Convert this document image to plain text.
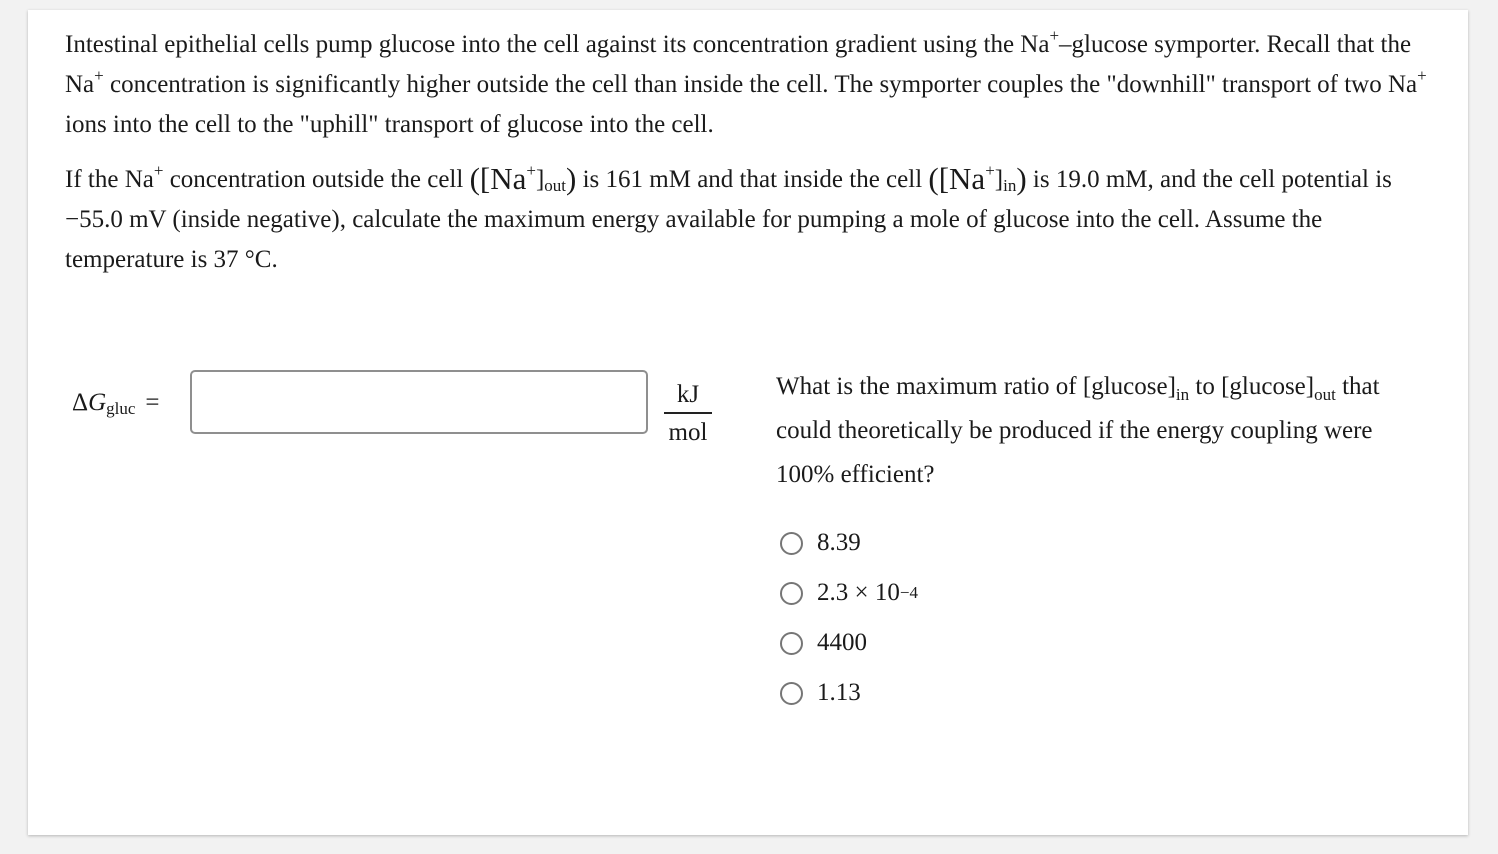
Intestinal epithelial cells pump glucose into the cell against its concentration gradient using the Na+–glucose symporter. Recall that the Na+ concentration is significantly higher outside the cell than inside the cell. The symporter couples the "downhill" transport of two Na+ ions into the cell to the "uphill" transport of glucose into the cell.

If the Na+ concentration outside the cell $([Na^+]_{out})$ is 161 mM and that inside the cell $([Na^+]_{in})$ is 19.0 mM, and the cell potential is −55.0 mV (inside negative), calculate the maximum energy available for pumping a mole of glucose into the cell. Assume the temperature is 37 °C.

$\Delta G_{gluc}$ =	kJ
mol

What is the maximum ratio of $[glucose]_{in}$ to $[glucose]_{out}$ that could theoretically be produced if the energy coupling were 100% efficient?

8.39
2.3 × 10 −4
4400
1.13
